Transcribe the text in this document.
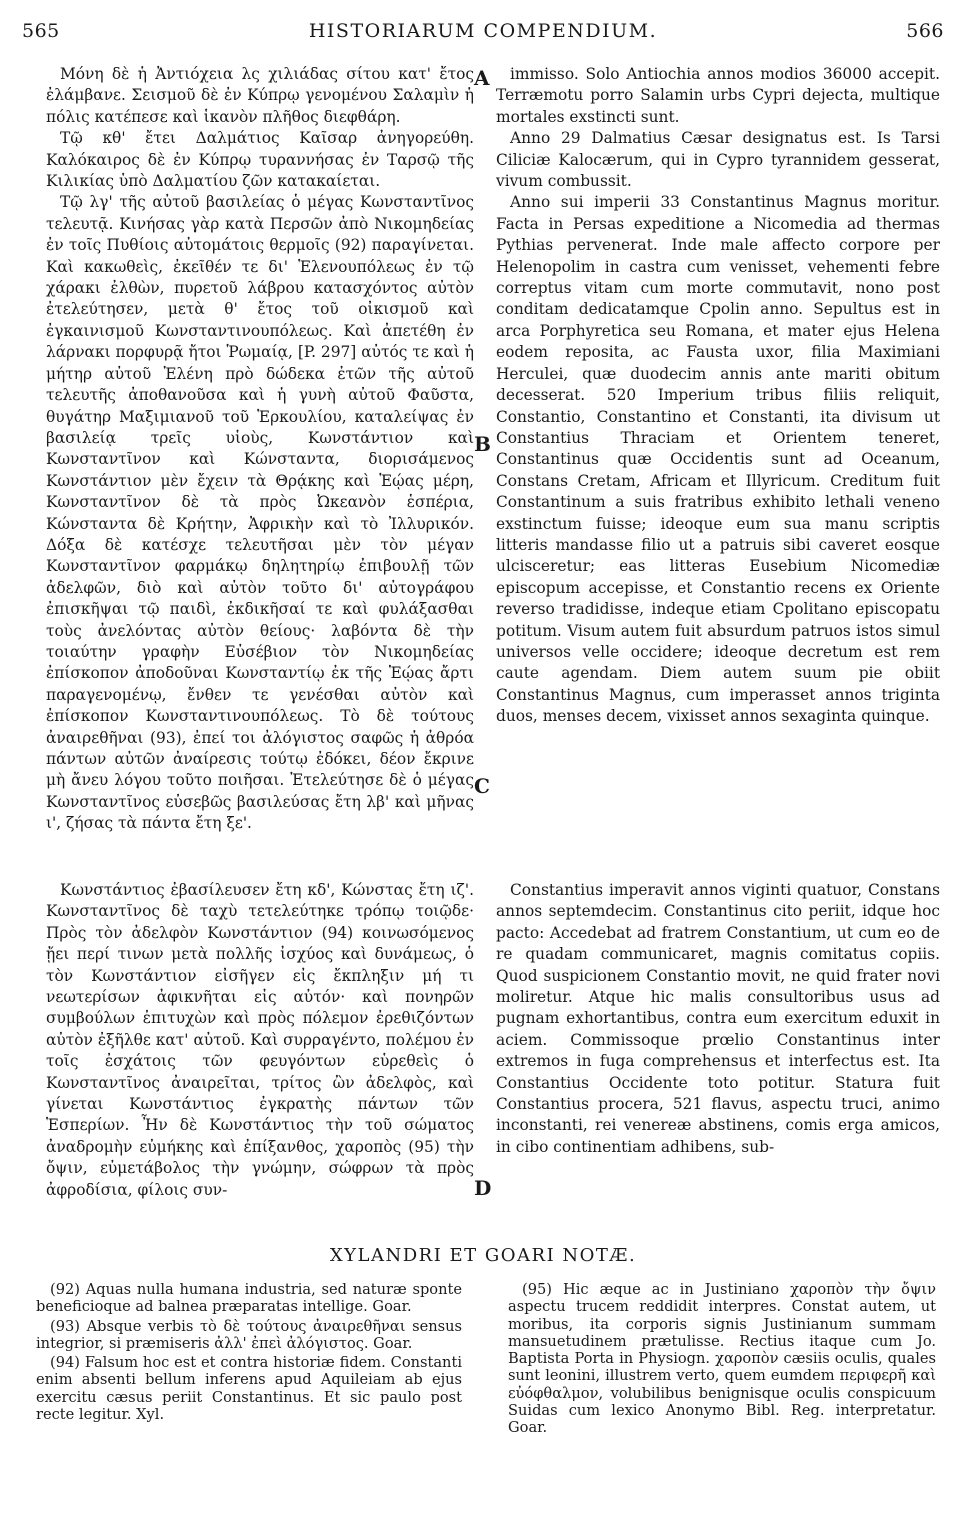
565	HISTORIARUM COMPENDIUM.	566
A
B
C
D

Μόνη δὲ ἡ Ἀντιόχεια λς χιλιάδας σίτου κατ' ἔτος ἐλάμβανε. Σεισμοῦ δὲ ἐν Κύπρῳ γενομένου Σαλαμὶν ἡ πόλις κατέπεσε καὶ ἱκανὸν πλῆθος διεφθάρη.

Τῷ κθ' ἔτει Δαλμάτιος Καῖσαρ ἀνηγορεύθη. Καλόκαιρος δὲ ἐν Κύπρῳ τυραννήσας ἐν Ταρσῷ τῆς Κιλικίας ὑπὸ Δαλματίου ζῶν κατακαίεται.

Τῷ λγ' τῆς αὐτοῦ βασιλείας ὁ μέγας Κωνσταντῖνος τελευτᾷ. Κινήσας γὰρ κατὰ Περσῶν ἀπὸ Νικομηδείας ἐν τοῖς Πυθίοις αὐτομάτοις θερμοῖς (92) παραγίνεται. Καὶ κακωθεὶς, ἐκεῖθέν τε δι' Ἑλενουπόλεως ἐν τῷ χάρακι ἐλθὼν, πυρετοῦ λάβρου κατασχόντος αὐτὸν ἐτελεύτησεν, μετὰ θ' ἔτος τοῦ οἰκισμοῦ καὶ ἐγκαινισμοῦ Κωνσταντινουπόλεως. Καὶ ἀπετέθη ἐν λάρνακι πορφυρᾷ ἤτοι Ῥωμαίᾳ, [P. 297] αὐτός τε καὶ ἡ μήτηρ αὐτοῦ Ἑλένη πρὸ δώδεκα ἐτῶν τῆς αὐτοῦ τελευτῆς ἀποθανοῦσα καὶ ἡ γυνὴ αὐτοῦ Φαῦστα, θυγάτηρ Μαξιμιανοῦ τοῦ Ἑρκουλίου, καταλείψας ἐν βασιλείᾳ τρεῖς υἱοὺς, Κωνστάντιον καὶ Κωνσταντῖνον καὶ Κώνσταντα, διορισάμενος Κωνστάντιον μὲν ἔχειν τὰ Θρᾴκης καὶ Ἑῴας μέρη, Κωνσταντῖνον δὲ τὰ πρὸς Ὠκεανὸν ἑσπέρια, Κώνσταντα δὲ Κρήτην, Ἀφρικὴν καὶ τὸ Ἰλλυρικόν. Δόξα δὲ κατέσχε τελευτῆσαι μὲν τὸν μέγαν Κωνσταντῖνον φαρμάκῳ δηλητηρίῳ ἐπιβουλῇ τῶν ἀδελφῶν, διὸ καὶ αὐτὸν τοῦτο δι' αὐτογράφου ἐπισκῆψαι τῷ παιδὶ, ἐκδικῆσαί τε καὶ φυλάξασθαι τοὺς ἀνελόντας αὐτὸν θείους· λαβόντα δὲ τὴν τοιαύτην γραφὴν Εὐσέβιον τὸν Νικομηδείας ἐπίσκοπον ἀποδοῦναι Κωνσταντίῳ ἐκ τῆς Ἑῴας ἄρτι παραγενομένῳ, ἔνθεν τε γενέσθαι αὐτὸν καὶ ἐπίσκοπον Κωνσταντινουπόλεως. Τὸ δὲ τούτους ἀναιρεθῆναι (93), ἐπεί τοι ἀλόγιστος σαφῶς ἡ ἀθρόα πάντων αὐτῶν ἀναίρεσις τούτῳ ἐδόκει, δέον ἔκρινε μὴ ἄνευ λόγου τοῦτο ποιῆσαι. Ἐτελεύτησε δὲ ὁ μέγας Κωνσταντῖνος εὐσεβῶς βασιλεύσας ἔτη λβ' καὶ μῆνας ι', ζήσας τὰ πάντα ἔτη ξε'.

immisso. Solo Antiochia annos modios 36000 accepit. Terræmotu porro Salamin urbs Cypri dejecta, multique mortales exstincti sunt.

Anno 29 Dalmatius Cæsar designatus est. Is Tarsi Ciliciæ Kalocærum, qui in Cypro tyrannidem gesserat, vivum combussit.

Anno sui imperii 33 Constantinus Magnus moritur. Facta in Persas expeditione a Nicomedia ad thermas Pythias pervenerat. Inde male affecto corpore per Helenopolim in castra cum venisset, vehementi febre correptus vitam cum morte commutavit, nono post conditam dedicatamque Cpolin anno. Sepultus est in arca Porphyretica seu Romana, et mater ejus Helena eodem reposita, ac Fausta uxor, filia Maximiani Herculei, quæ duodecim annis ante mariti obitum decesserat. 520 Imperium tribus filiis reliquit, Constantio, Constantino et Constanti, ita divisum ut Constantius Thraciam et Orientem teneret, Constantinus quæ Occidentis sunt ad Oceanum, Constans Cretam, Africam et Illyricum. Creditum fuit Constantinum a suis fratribus exhibito lethali veneno exstinctum fuisse; ideoque eum sua manu scriptis litteris mandasse filio ut a patruis sibi caveret eosque ulcisceretur; eas litteras Eusebium Nicomediæ episcopum accepisse, et Constantio recens ex Oriente reverso tradidisse, indeque etiam Cpolitano episcopatu potitum. Visum autem fuit absurdum patruos istos simul universos velle occidere; ideoque decretum est rem caute agendam. Diem autem suum pie obiit Constantinus Magnus, cum imperasset annos triginta duos, menses decem, vixisset annos sexaginta quinque.

Κωνστάντιος ἐβασίλευσεν ἔτη κδ', Κώνστας ἔτη ιζ'. Κωνσταντῖνος δὲ ταχὺ τετελεύτηκε τρόπῳ τοιῷδε· Πρὸς τὸν ἀδελφὸν Κωνστάντιον (94) κοινωσόμενος ᾔει περί τινων μετὰ πολλῆς ἰσχύος καὶ δυνάμεως, ὁ τὸν Κωνστάντιον εἰσῆγεν εἰς ἔκπληξιν μή τι νεωτερίσων ἀφικνῆται εἰς αὐτόν· καὶ πονηρῶν συμβούλων ἐπιτυχὼν καὶ πρὸς πόλεμον ἐρεθιζόντων αὐτὸν ἐξῆλθε κατ' αὐτοῦ. Καὶ συρραγέντο, πολέμου ἐν τοῖς ἐσχάτοις τῶν φευγόντων εὑρεθεὶς ὁ Κωνσταντῖνος ἀναιρεῖται, τρίτος ὢν ἀδελφὸς, καὶ γίνεται Κωνστάντιος ἐγκρατὴς πάντων τῶν Ἑσπερίων. Ἦν δὲ Κωνστάντιος τὴν τοῦ σώματος ἀναδρομὴν εὐμήκης καὶ ἐπίξανθος, χαροπὸς (95) τὴν ὄψιν, εὐμετάβολος τὴν γνώμην, σώφρων τὰ πρὸς ἀφροδίσια, φίλοις συν-

Constantius imperavit annos viginti quatuor, Constans annos septemdecim. Constantinus cito periit, idque hoc pacto: Accedebat ad fratrem Constantium, ut cum eo de re quadam communicaret, magnis comitatus copiis. Quod suspicionem Constantio movit, ne quid frater novi moliretur. Atque hic malis consultoribus usus ad pugnam exhortantibus, contra eum exercitum eduxit in aciem. Commissoque prœlio Constantinus inter extremos in fuga comprehensus et interfectus est. Ita Constantius Occidente toto potitur. Statura fuit Constantius procera, 521 flavus, aspectu truci, animo inconstanti, rei venereæ abstinens, comis erga amicos, in cibo continentiam adhibens, sub-

XYLANDRI ET GOARI NOTÆ.

(92) Aquas nulla humana industria, sed naturæ sponte beneficioque ad balnea præparatas intellige. Goar.

(93) Absque verbis τὸ δὲ τούτους ἀναιρεθῆναι sensus integrior, si præmiseris ἀλλ' ἐπεὶ ἀλόγιστος. Goar.

(94) Falsum hoc est et contra historiæ fidem. Constanti enim absenti bellum inferens apud Aquileiam ab ejus exercitu cæsus periit Constantinus. Et sic paulo post recte legitur. Xyl.

(95) Hic æque ac in Justiniano χαροπὸν τὴν ὄψιν aspectu trucem reddidit interpres. Constat autem, ut moribus, ita corporis signis Justinianum summam mansuetudinem prætulisse. Rectius itaque cum Jo. Baptista Porta in Physiogn. χαροπὸν cæsiis oculis, quales sunt leonini, illustrem verto, quem eumdem περιφερῆ καὶ εὐόφθαλμον, volubilibus benignisque oculis conspicuum Suidas cum lexico Anonymo Bibl. Reg. interpretatur. Goar.
